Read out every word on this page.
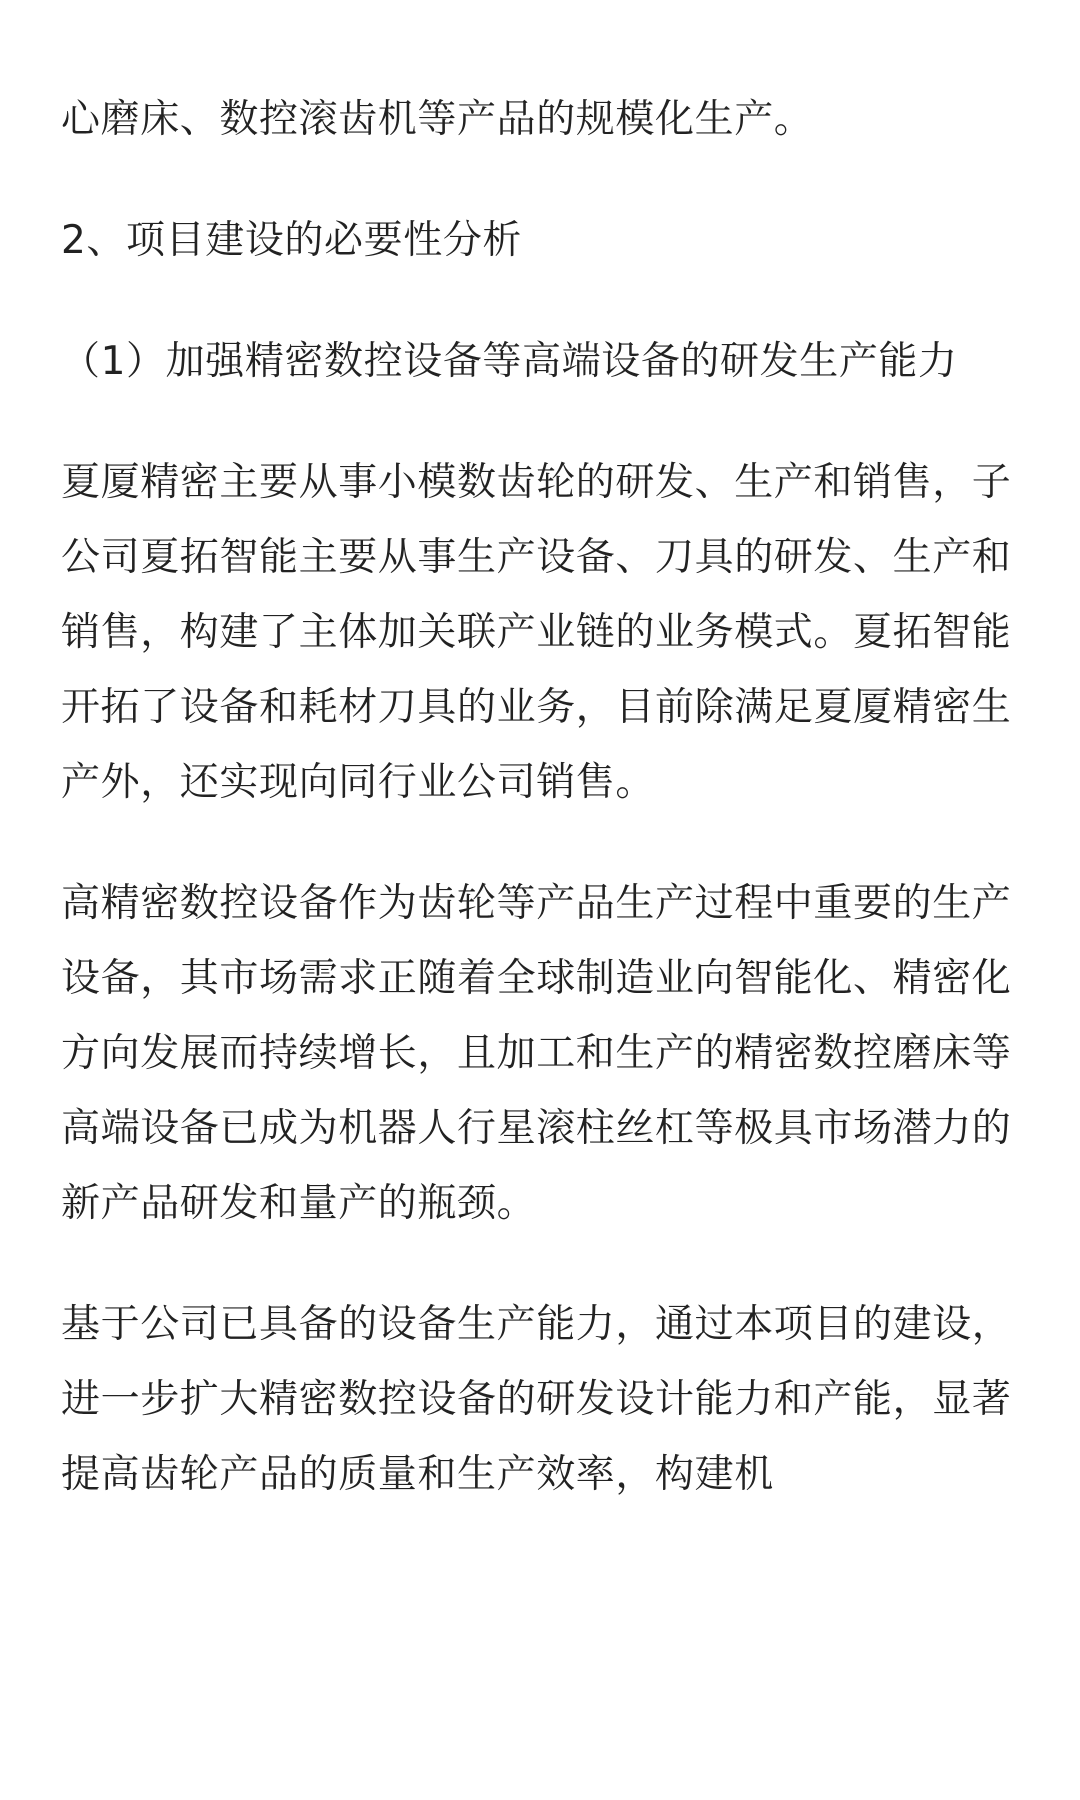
心磨床、数控滚齿机等产品的规模化生产。

2、项目建设的必要性分析

（1）加强精密数控设备等高端设备的研发生产能力

夏厦精密主要从事小模数齿轮的研发、生产和销售，子公司夏拓智能主要从事生产设备、刀具的研发、生产和销售，构建了主体加关联产业链的业务模式。夏拓智能开拓了设备和耗材刀具的业务，目前除满足夏厦精密生产外，还实现向同行业公司销售。

高精密数控设备作为齿轮等产品生产过程中重要的生产设备，其市场需求正随着全球制造业向智能化、精密化方向发展而持续增长，且加工和生产的精密数控磨床等高端设备已成为机器人行星滚柱丝杠等极具市场潜力的新产品研发和量产的瓶颈。

基于公司已具备的设备生产能力，通过本项目的建设，进一步扩大精密数控设备的研发设计能力和产能，显著提高齿轮产品的质量和生产效率，构建机
